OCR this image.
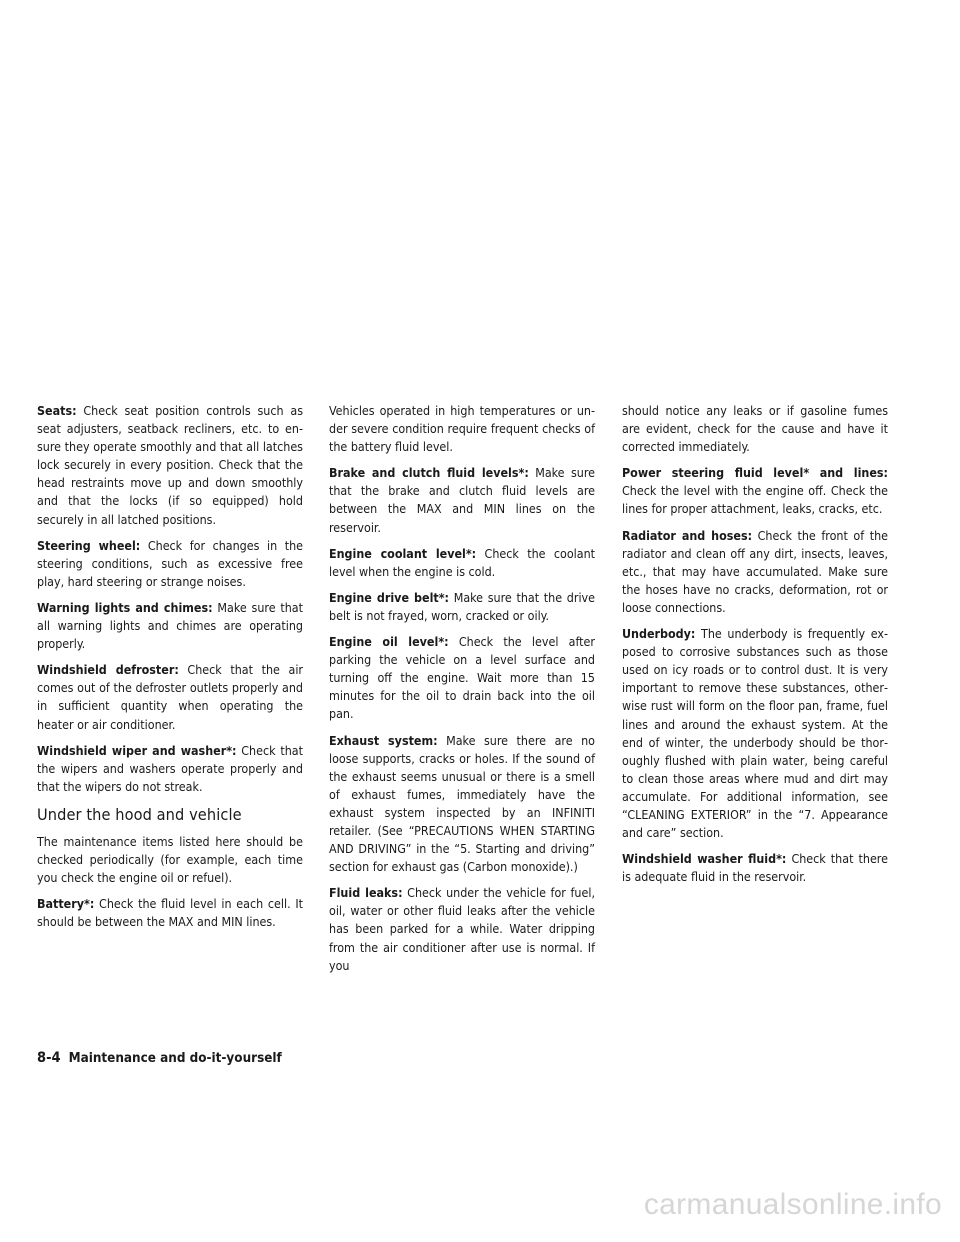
Seats: Check seat position controls such as seat adjusters, seatback recliners, etc. to ensure they operate smoothly and that all latches lock securely in every position. Check that the head restraints move up and down smoothly and that the locks (if so equipped) hold securely in all latched positions.

Steering wheel: Check for changes in the steering conditions, such as excessive free play, hard steering or strange noises.

Warning lights and chimes: Make sure that all warning lights and chimes are operating properly.

Windshield defroster: Check that the air comes out of the defroster outlets properly and in sufficient quantity when operating the heater or air conditioner.

Windshield wiper and washer*: Check that the wipers and washers operate properly and that the wipers do not streak.

Under the hood and vehicle

The maintenance items listed here should be checked periodically (for example, each time you check the engine oil or refuel).

Battery*: Check the fluid level in each cell. It should be between the MAX and MIN lines.

Vehicles operated in high temperatures or under severe condition require frequent checks of the battery fluid level.

Brake and clutch fluid levels*: Make sure that the brake and clutch fluid levels are between the MAX and MIN lines on the reservoir.

Engine coolant level*: Check the coolant level when the engine is cold.

Engine drive belt*: Make sure that the drive belt is not frayed, worn, cracked or oily.

Engine oil level*: Check the level after parking the vehicle on a level surface and turning off the engine. Wait more than 15 minutes for the oil to drain back into the oil pan.

Exhaust system: Make sure there are no loose supports, cracks or holes. If the sound of the exhaust seems unusual or there is a smell of exhaust fumes, immediately have the exhaust system inspected by an INFINITI retailer. (See “PRECAUTIONS WHEN STARTING AND DRIVING” in the “5. Starting and driving” section for exhaust gas (Carbon monoxide).)

Fluid leaks: Check under the vehicle for fuel, oil, water or other fluid leaks after the vehicle has been parked for a while. Water dripping from the air conditioner after use is normal. If you

should notice any leaks or if gasoline fumes are evident, check for the cause and have it corrected immediately.

Power steering fluid level* and lines: Check the level with the engine off. Check the lines for proper attachment, leaks, cracks, etc.

Radiator and hoses: Check the front of the radiator and clean off any dirt, insects, leaves, etc., that may have accumulated. Make sure the hoses have no cracks, deformation, rot or loose connections.

Underbody: The underbody is frequently exposed to corrosive substances such as those used on icy roads or to control dust. It is very important to remove these substances, otherwise rust will form on the floor pan, frame, fuel lines and around the exhaust system. At the end of winter, the underbody should be thoroughly flushed with plain water, being careful to clean those areas where mud and dirt may accumulate. For additional information, see “CLEANING EXTERIOR” in the “7. Appearance and care” section.

Windshield washer fluid*: Check that there is adequate fluid in the reservoir.

8-4 Maintenance and do-it-yourself
carmanualsonline.info
